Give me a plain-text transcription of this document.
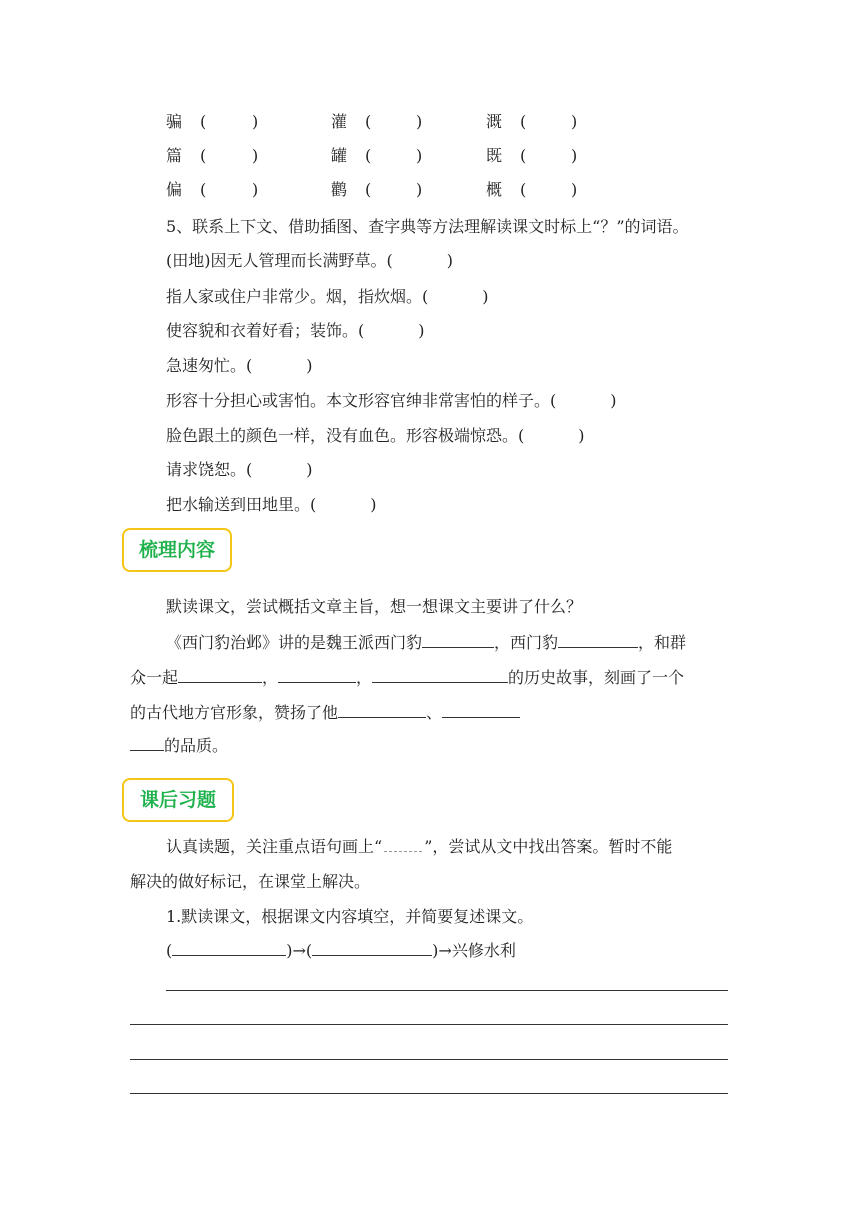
骗 (	)	灌 (	)	溉 (	)
篇 (	)	罐 (	)	既 (	)
偏 (	)	鹳 (	)	概 (	)
5、联系上下文、借助插图、查字典等方法理解读课文时标上“？”的词语。
(田地)因无人管理而长满野草。(	)
指人家或住户非常少。烟，指炊烟。(	)
使容貌和衣着好看；装饰。(	)
急速匆忙。(	)
形容十分担心或害怕。本文形容官绅非常害怕的样子。(	)
脸色跟土的颜色一样，没有血色。形容极端惊恐。(	)
请求饶恕。(	)
把水输送到田地里。(	)
梳理内容
默读课文，尝试概括文章主旨，想一想课文主要讲了什么？
《西门豹治邺》讲的是魏王派西门豹	，西门豹	，和群
众一起	，	，	的历史故事，刻画了一个
的古代地方官形象，赞扬了他	、
的品质。
课后习题
认真读题，关注重点语句画上“	”，尝试从文中找出答案。暂时不能
解决的做好标记，在课堂上解决。
1.默读课文，根据课文内容填空，并简要复述课文。
(	)→(	)→兴修水利
